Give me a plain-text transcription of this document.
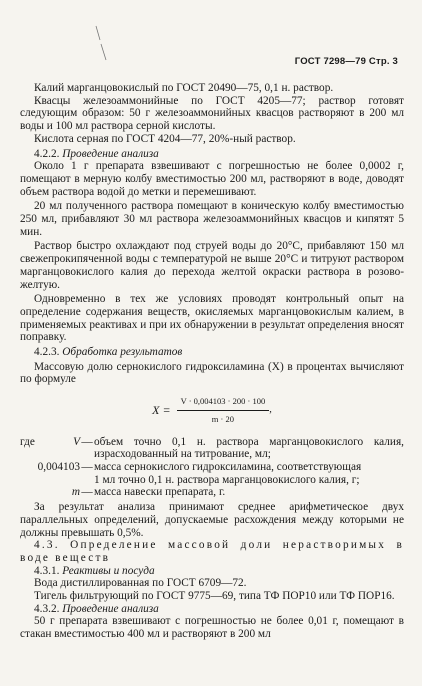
ГОСТ 7298—79 Стр. 3

Калий марганцовокислый по ГОСТ 20490—75, 0,1 н. раствор.

Квасцы железоаммонийные по ГОСТ 4205—77; раствор готовят следующим образом: 50 г железоаммонийных квасцов растворяют в 200 мл воды и 100 мл раствора серной кислоты.

Кислота серная по ГОСТ 4204—77, 20%-ный раствор.

4.2.2. Проведение анализа

Около 1 г препарата взвешивают с погрешностью не более 0,0002 г, помещают в мерную колбу вместимостью 200 мл, растворяют в воде, доводят объем раствора водой до метки и перемешивают.

20 мл полученного раствора помещают в коническую колбу вместимостью 250 мл, прибавляют 30 мл раствора железоаммонийных квасцов и кипятят 5 мин.

Раствор быстро охлаждают под струей воды до 20°С, прибавляют 150 мл свежепрокипяченной воды с температурой не выше 20°С и титруют раствором марганцовокислого калия до перехода желтой окраски раствора в розово-желтую.

Одновременно в тех же условиях проводят контрольный опыт на определение содержания веществ, окисляемых марганцовокислым калием, в применяемых реактивах и при их обнаружении в результат определения вносят поправку.

4.2.3. Обработка результатов

Массовую долю сернокислого гидроксиламина (X) в процентах вычисляют по формуле

$X = \frac{V \cdot 0,004103 \cdot 200 \cdot 100}{m \cdot 20}$ ,
где	V — объем точно 0,1 н. раствора марганцовокислого калия, израсходованный на титрование, мл;
0,004103 — масса сернокислого гидроксиламина, соответствующая
1 мл точно 0,1 н. раствора марганцовокислого калия, г;
m — масса навески препарата, г.

За результат анализа принимают среднее арифметическое двух параллельных определений, допускаемые расхождения между которыми не должны превышать 0,5%.

4.3. Определение массовой доли нерастворимых в воде веществ

4.3.1. Реактивы и посуда

Вода дистиллированная по ГОСТ 6709—72.

Тигель фильтрующий по ГОСТ 9775—69, типа ТФ ПОР10 или ТФ ПОР16.

4.3.2. Проведение анализа

50 г препарата взвешивают с погрешностью не более 0,01 г, помещают в стакан вместимостью 400 мл и растворяют в 200 мл
